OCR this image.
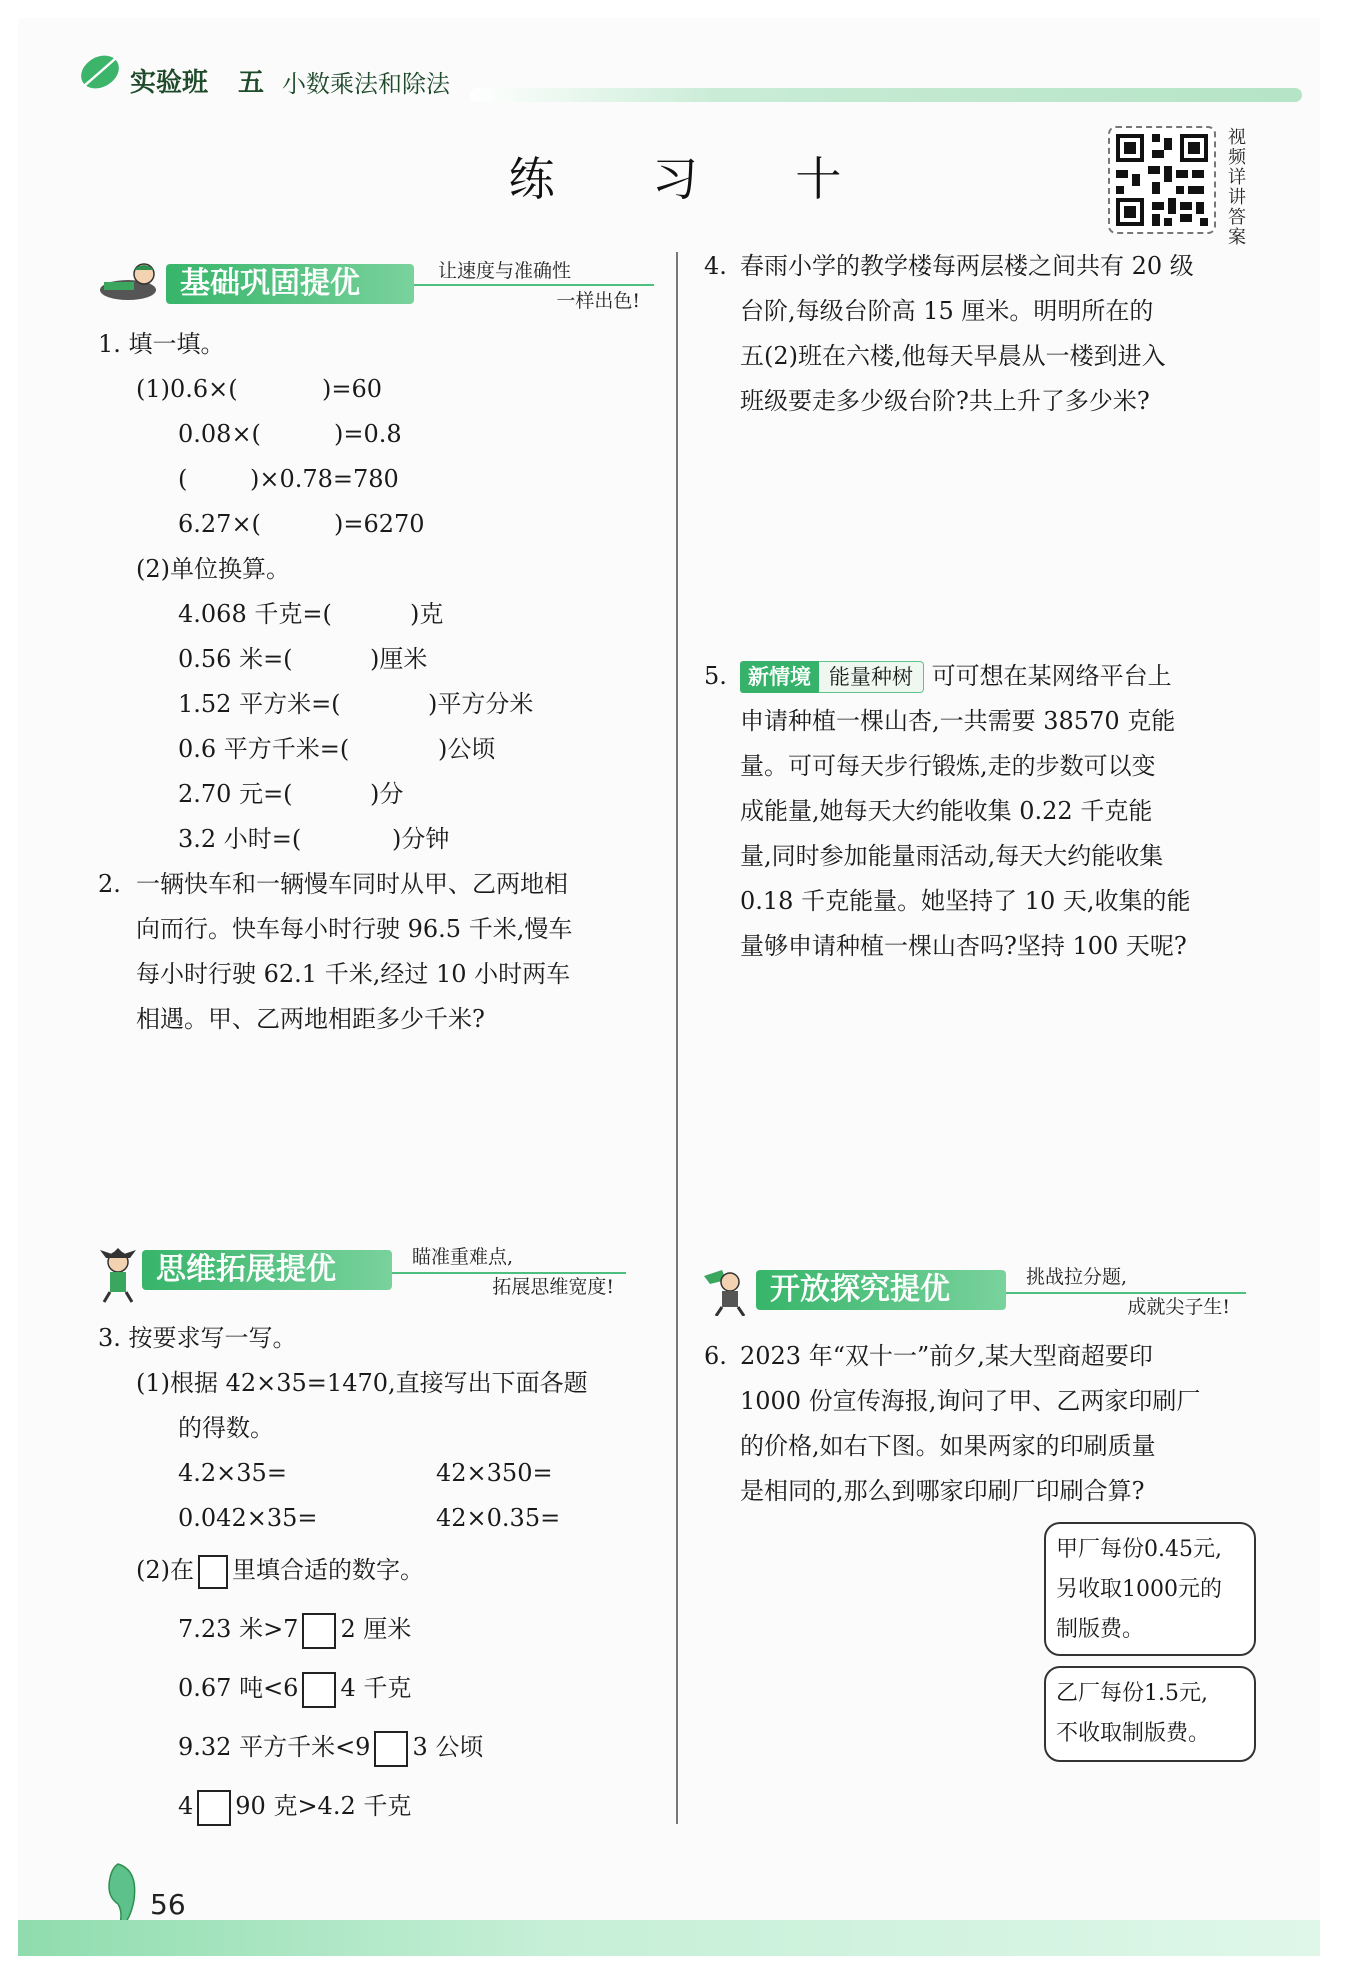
实验班 五 小数乘法和除法
练 习 十
视频详讲答案
基础巩固提优	让速度与准确性
一样出色!
1. 填一填。
(1)0.6×(	)=60
0.08×(	)=0.8
(	)×0.78=780
6.27×(	)=6270
(2)单位换算。
4.068 千克=(	)克
0.56 米=(	)厘米
1.52 平方米=(	)平方分米
0.6 平方千米=(	)公顷
2.70 元=(	)分
3.2 小时=(	)分钟
2. 一辆快车和一辆慢车同时从甲、乙两地相
向而行。快车每小时行驶 96.5 千米,慢车
每小时行驶 62.1 千米,经过 10 小时两车
相遇。甲、乙两地相距多少千米?
思维拓展提优	瞄准重难点,
拓展思维宽度!
3. 按要求写一写。
(1)根据 42×35=1470,直接写出下面各题
的得数。
4.2×35=	42×350=
0.042×35=	42×0.35=
(2)在 里填合适的数字。
7.23 米>7 2 厘米
0.67 吨<6 4 千克
9.32 平方千米<9 3 公顷
4 90 克>4.2 千克
4. 春雨小学的教学楼每两层楼之间共有 20 级
台阶,每级台阶高 15 厘米。明明所在的
五(2)班在六楼,他每天早晨从一楼到进入
班级要走多少级台阶?共上升了多少米?
5.	新情境 能量种树 可可想在某网络平台上
申请种植一棵山杏,一共需要 38570 克能
量。可可每天步行锻炼,走的步数可以变
成能量,她每天大约能收集 0.22 千克能
量,同时参加能量雨活动,每天大约能收集
0.18 千克能量。她坚持了 10 天,收集的能
量够申请种植一棵山杏吗?坚持 100 天呢?
开放探究提优	挑战拉分题,
成就尖子生!
6. 2023 年“双十一”前夕,某大型商超要印
1000 份宣传海报,询问了甲、乙两家印刷厂
的价格,如右下图。如果两家的印刷质量
是相同的,那么到哪家印刷厂印刷合算?
甲厂每份0.45元,
另收取1000元的
制版费。
乙厂每份1.5元,
不收取制版费。
56
